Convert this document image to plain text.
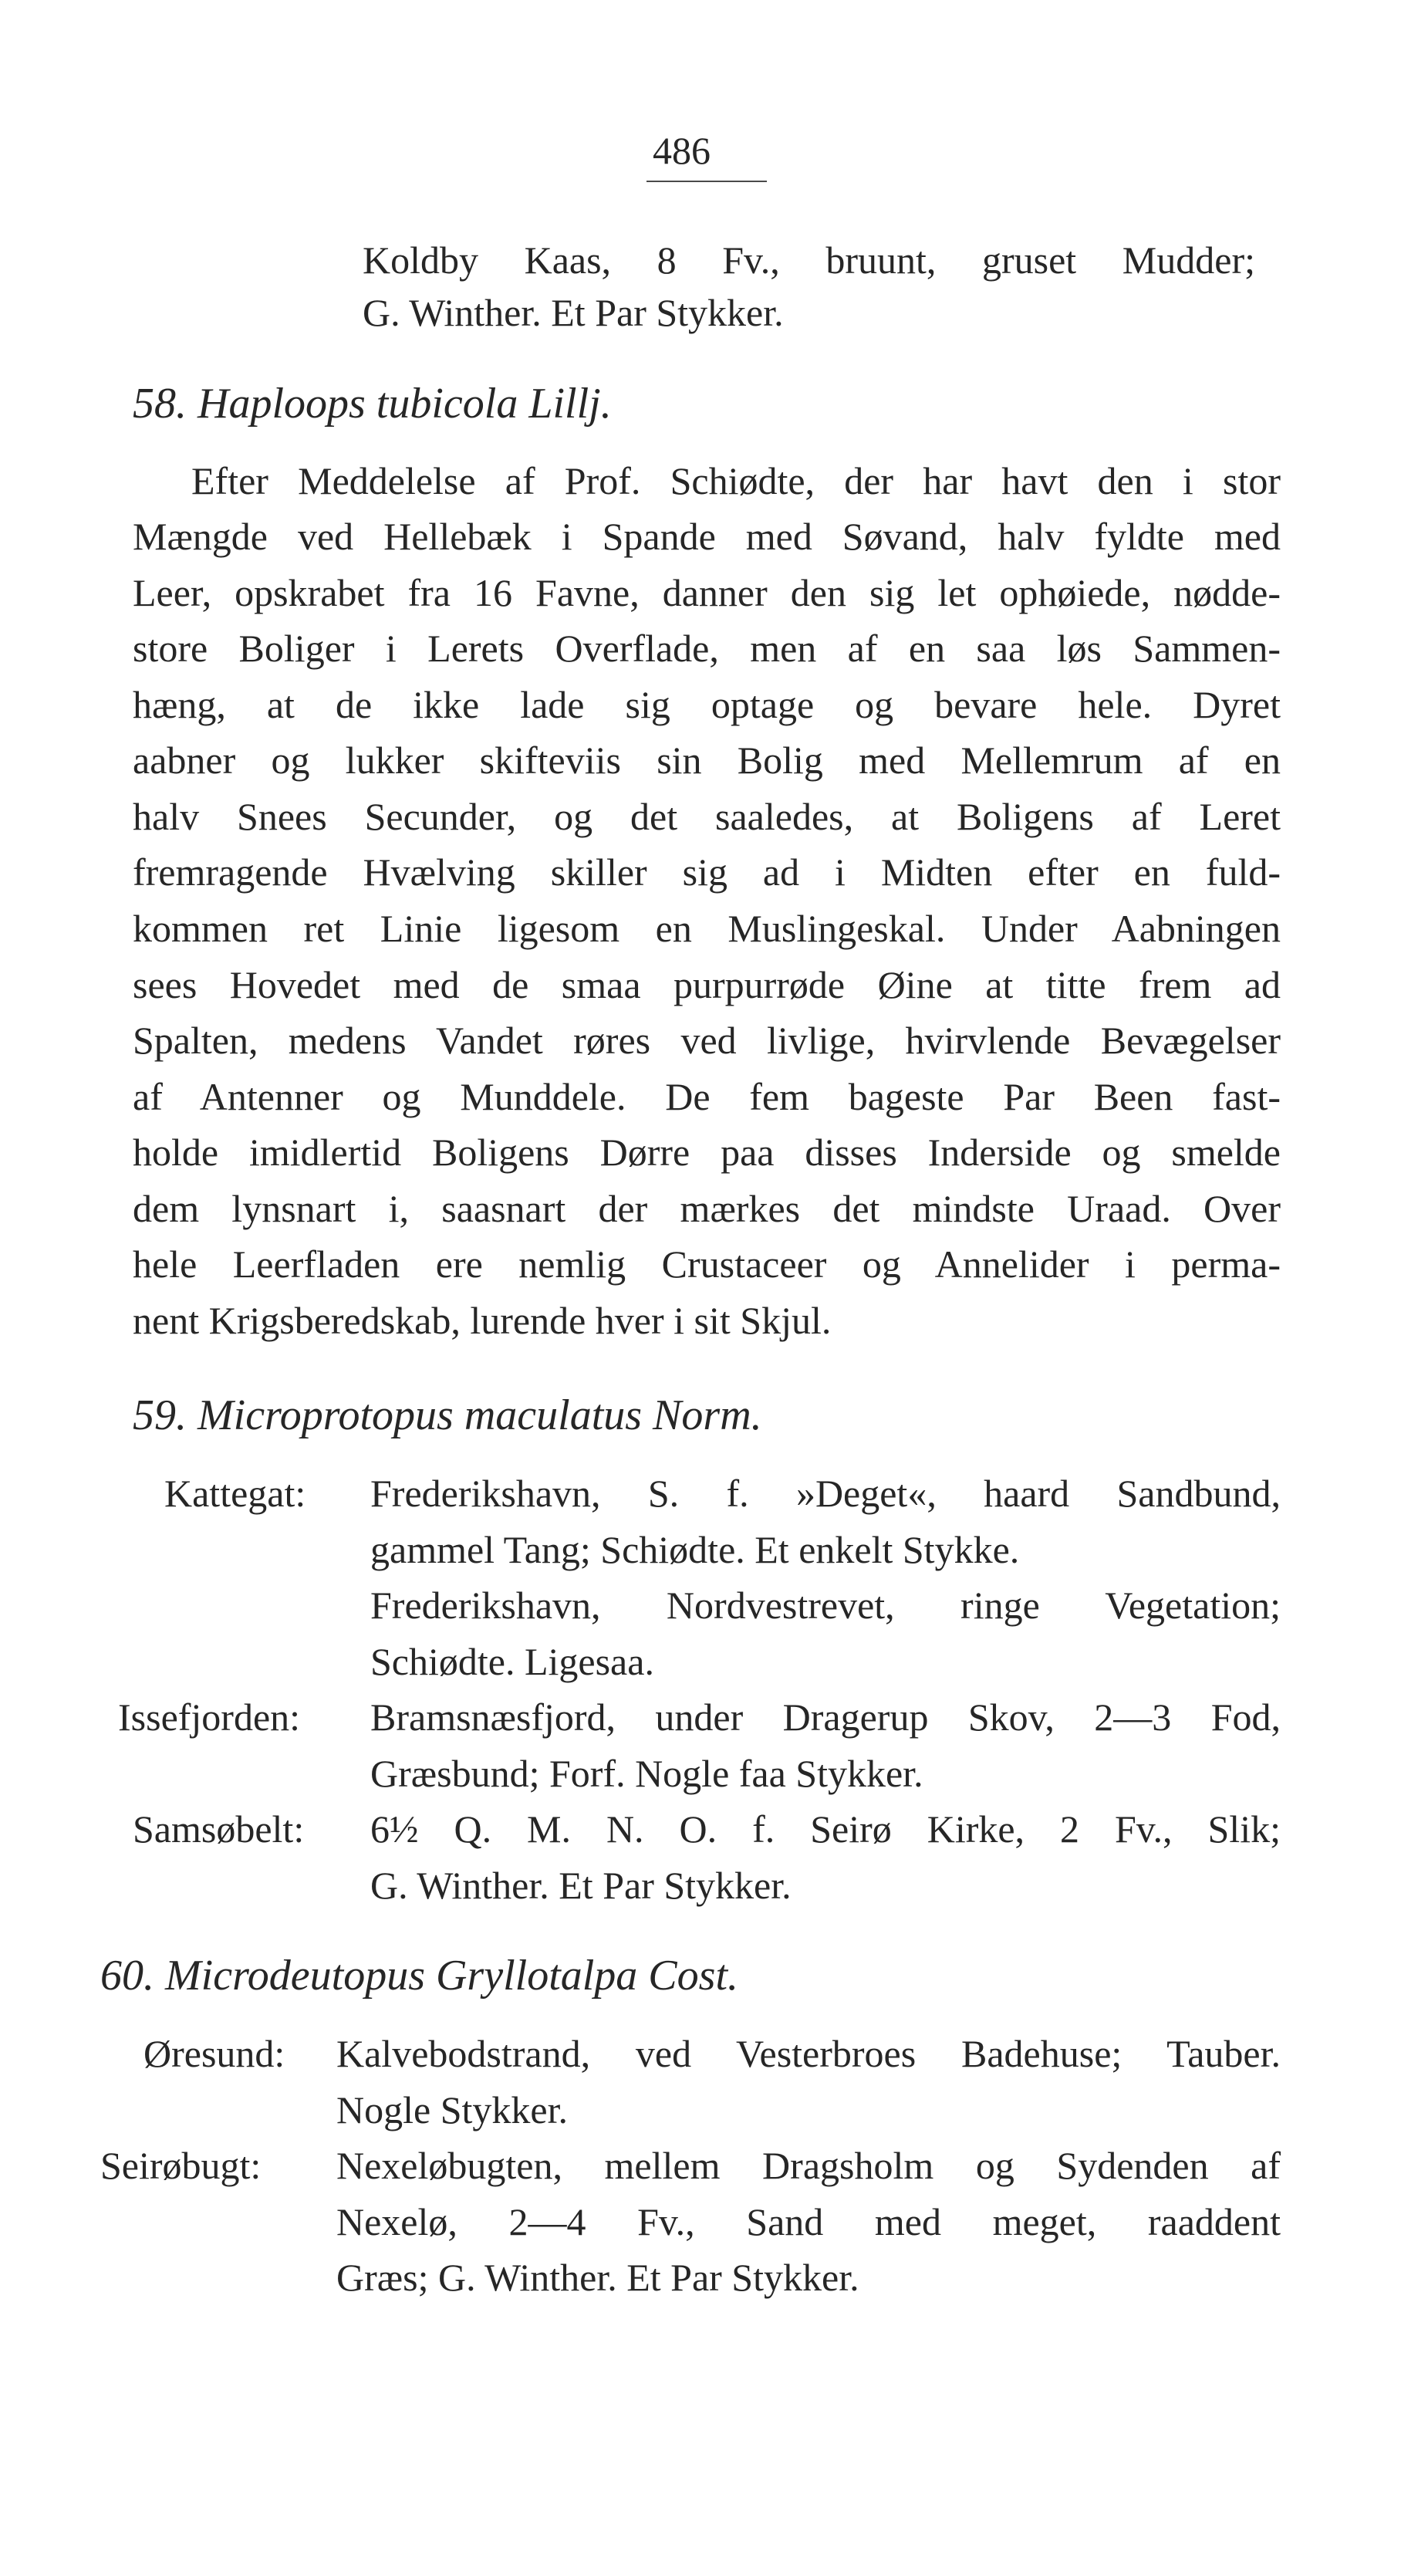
486
Koldby Kaas, 8 Fv., bruunt, gruset Mudder;
G. Winther. Et Par Stykker.
58. Haploops tubicola Lillj.
Efter Meddelelse af Prof. Schiødte, der har havt den i stor
Mængde ved Hellebæk i Spande med Søvand, halv fyldte med
Leer, opskrabet fra 16 Favne, danner den sig let ophøiede, nødde-
store Boliger i Lerets Overflade, men af en saa løs Sammen-
hæng, at de ikke lade sig optage og bevare hele. Dyret
aabner og lukker skifteviis sin Bolig med Mellemrum af en
halv Snees Secunder, og det saaledes, at Boligens af Leret
fremragende Hvælving skiller sig ad i Midten efter en fuld-
kommen ret Linie ligesom en Muslingeskal. Under Aabningen
sees Hovedet med de smaa purpurrøde Øine at titte frem ad
Spalten, medens Vandet røres ved livlige, hvirvlende Bevægelser
af Antenner og Munddele. De fem bageste Par Been fast-
holde imidlertid Boligens Dørre paa disses Inderside og smelde
dem lynsnart i, saasnart der mærkes det mindste Uraad. Over
hele Leerfladen ere nemlig Crustaceer og Annelider i perma-
nent Krigsberedskab, lurende hver i sit Skjul.
59. Microprotopus maculatus Norm.
Kattegat: Frederikshavn, S. f. »Deget«, haard Sandbund,
gammel Tang; Schiødte. Et enkelt Stykke.
Frederikshavn, Nordvestrevet, ringe Vegetation;
Schiødte. Ligesaa.
Issefjorden: Bramsnæsfjord, under Dragerup Skov, 2—3 Fod,
Græsbund; Forf. Nogle faa Stykker.
Samsøbelt: 6½ Q. M. N. O. f. Seirø Kirke, 2 Fv., Slik;
G. Winther. Et Par Stykker.
60. Microdeutopus Gryllotalpa Cost.
Øresund: Kalvebodstrand, ved Vesterbroes Badehuse; Tauber.
Nogle Stykker.
Seirøbugt: Nexeløbugten, mellem Dragsholm og Sydenden af
Nexelø, 2—4 Fv., Sand med meget, raaddent
Græs; G. Winther. Et Par Stykker.
